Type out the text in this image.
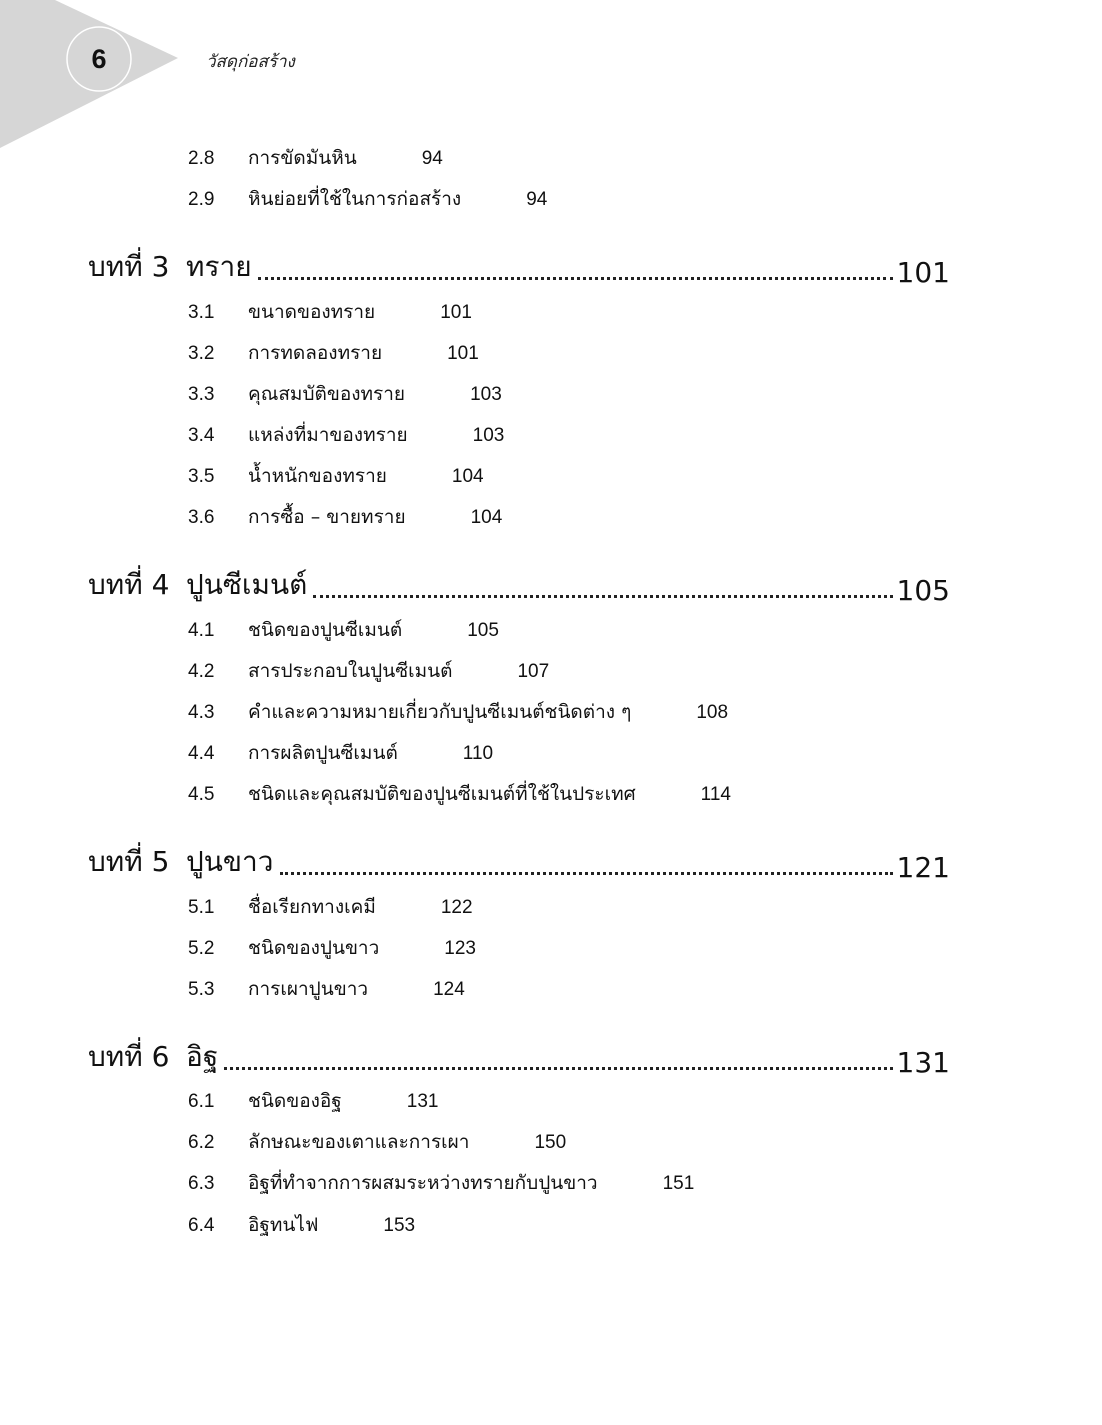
6	วัสดุก่อสร้าง
2.8 การขัดมันหิน	94
2.9 หินย่อยที่ใช้ในการก่อสร้าง	94
บทที่ 3 ทราย	101
3.1 ขนาดของทราย	101
3.2 การทดลองทราย	101
3.3 คุณสมบัติของทราย	103
3.4 แหล่งที่มาของทราย	103
3.5 น้ำหนักของทราย	104
3.6 การซื้อ – ขายทราย	104
บทที่ 4 ปูนซีเมนต์	105
4.1 ชนิดของปูนซีเมนต์	105
4.2 สารประกอบในปูนซีเมนต์	107
4.3 คำและความหมายเกี่ยวกับปูนซีเมนต์ชนิดต่าง ๆ	108
4.4 การผลิตปูนซีเมนต์	110
4.5 ชนิดและคุณสมบัติของปูนซีเมนต์ที่ใช้ในประเทศ	114
บทที่ 5 ปูนขาว	121
5.1 ชื่อเรียกทางเคมี	122
5.2 ชนิดของปูนขาว	123
5.3 การเผาปูนขาว	124
บทที่ 6 อิฐ	131
6.1 ชนิดของอิฐ	131
6.2 ลักษณะของเตาและการเผา	150
6.3 อิฐที่ทำจากการผสมระหว่างทรายกับปูนขาว	151
6.4 อิฐทนไฟ	153
